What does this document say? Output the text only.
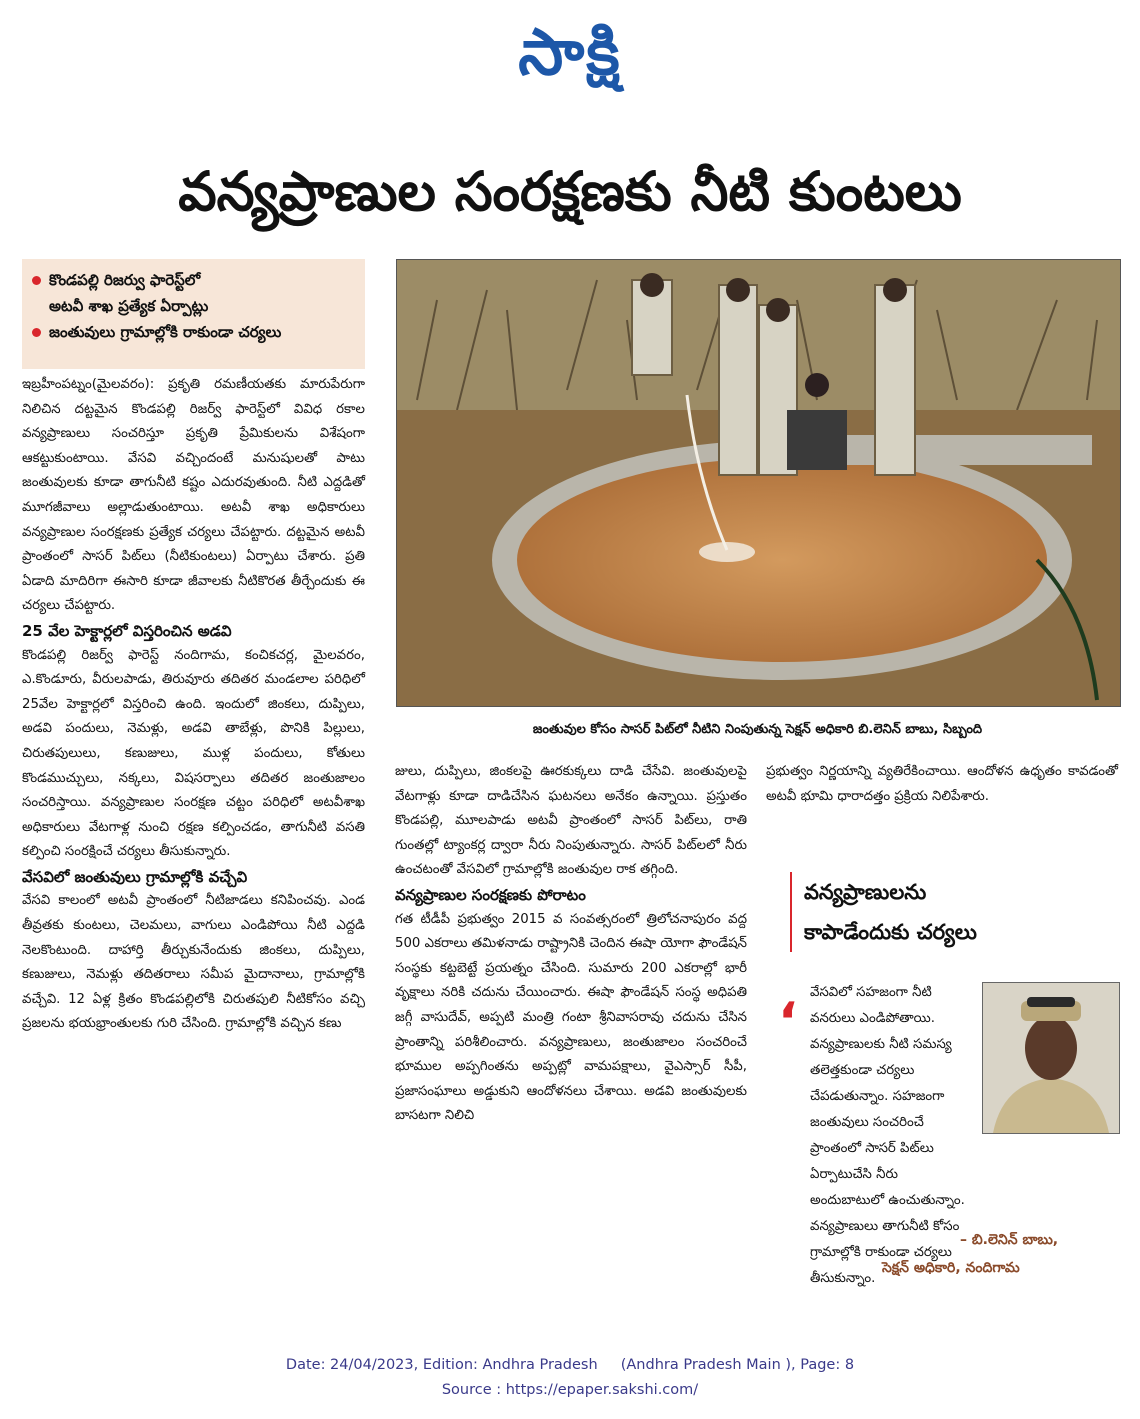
సాక్షి
వన్యప్రాణుల సంరక్షణకు నీటి కుంటలు
కొండపల్లి రిజర్వు ఫారెస్ట్‌లో
అటవీ శాఖ ప్రత్యేక ఏర్పాట్లు
జంతువులు గ్రామాల్లోకి రాకుండా చర్యలు
జంతువుల కోసం సాసర్ పిట్‌లో నీటిని నింపుతున్న సెక్షన్ అధికారి బి.లెనిన్ బాబు, సిబ్బంది

ఇబ్రహీంపట్నం(మైలవరం): ప్రకృతి రమణీయతకు మారుపేరుగా నిలిచిన దట్టమైన కొండపల్లి రిజర్వ్ ఫారెస్ట్‌లో వివిధ రకాల వన్యప్రాణులు సంచరిస్తూ ప్రకృతి ప్రేమికులను విశేషంగా ఆకట్టుకుంటాయి. వేసవి వచ్చిందంటే మనుషులతో పాటు జంతువులకు కూడా తాగునీటి కష్టం ఎదురవుతుంది. నీటి ఎద్దడితో మూగజీవాలు అల్లాడుతుంటాయి. అటవీ శాఖ అధికారులు వన్యప్రాణుల సంరక్షణకు ప్రత్యేక చర్యలు చేపట్టారు. దట్టమైన అటవీ ప్రాంతంలో సాసర్ పిట్‌లు (నీటికుంటలు) ఏర్పాటు చేశారు. ప్రతి ఏడాది మాదిరిగా ఈసారి కూడా జీవాలకు నీటికొరత తీర్చేందుకు ఈ చర్యలు చేపట్టారు.

25 వేల హెక్టార్లలో విస్తరించిన అడవి

కొండపల్లి రిజర్వ్ ఫారెస్ట్ నందిగామ, కంచికచర్ల, మైలవరం, ఎ.కొండూరు, వీరులపాడు, తిరువూరు తదితర మండలాల పరిధిలో 25వేల హెక్టార్లలో విస్తరించి ఉంది. ఇందులో జింకలు, దుప్పిలు, అడవి పందులు, నెమళ్లు, అడవి తాబేళ్లు, పొనికి పిల్లులు, చిరుతపులులు, కణుజులు, ముళ్ల పందులు, కోతులు కొండముచ్చులు, నక్కలు, విషసర్పాలు తదితర జంతుజాలం సంచరిస్తాయి. వన్యప్రాణుల సంరక్షణ చట్టం పరిధిలో అటవీశాఖ అధికారులు వేటగాళ్ల నుంచి రక్షణ కల్పించడం, తాగునీటి వసతి కల్పించి సంరక్షించే చర్యలు తీసుకున్నారు.

వేసవిలో జంతువులు గ్రామాల్లోకి వచ్చేవి

వేసవి కాలంలో అటవీ ప్రాంతంలో నీటిజాడలు కనిపించవు. ఎండ తీవ్రతకు కుంటలు, చెలమలు, వాగులు ఎండిపోయి నీటి ఎద్దడి నెలకొంటుంది. దాహార్తి తీర్చుకునేందుకు జింకలు, దుప్పిలు, కణుజులు, నెమళ్లు తదితరాలు సమీప మైదానాలు, గ్రామాల్లోకి వచ్చేవి. 12 ఏళ్ల క్రితం కొండపల్లిలోకి చిరుతపులి నీటికోసం వచ్చి ప్రజలను భయభ్రాంతులకు గురి చేసింది. గ్రామాల్లోకి వచ్చిన కణు

జులు, దుప్పిలు, జింకలపై ఊరకుక్కలు దాడి చేసేవి. జంతువులపై వేటగాళ్లు కూడా దాడిచేసిన ఘటనలు అనేకం ఉన్నాయి. ప్రస్తుతం కొండపల్లి, మూలపాడు అటవీ ప్రాంతంలో సాసర్ పిట్‌లు, రాతి గుంతల్లో ట్యాంకర్ల ద్వారా నీరు నింపుతున్నారు. సాసర్ పిట్‌లలో నీరు ఉంచటంతో వేసవిలో గ్రామాల్లోకి జంతువుల రాక తగ్గింది.

వన్యప్రాణుల సంరక్షణకు పోరాటం

గత టీడీపీ ప్రభుత్వం 2015 వ సంవత్సరంలో త్రిలోచనాపురం వద్ద 500 ఎకరాలు తమిళనాడు రాష్ట్రానికి చెందిన ఈషా యోగా ఫౌండేషన్ సంస్థకు కట్టబెట్టే ప్రయత్నం చేసింది. సుమారు 200 ఎకరాల్లో భారీ వృక్షాలు నరికి చదును చేయించారు. ఈషా ఫౌండేషన్ సంస్థ అధిపతి జగ్గీ వాసుదేవ్, అప్పటి మంత్రి గంటా శ్రీనివాసరావు చదును చేసిన ప్రాంతాన్ని పరిశీలించారు. వన్యప్రాణులు, జంతుజాలం సంచరించే భూముల అప్పగింతను అప్పట్లో వామపక్షాలు, వైఎస్సార్ సీపీ, ప్రజాసంఘాలు అడ్డుకుని ఆందోళనలు చేశాయి. అడవి జంతువులకు బాసటగా నిలిచి

ప్రభుత్వం నిర్ణయాన్ని వ్యతిరేకించాయి. ఆందోళన ఉధృతం కావడంతో అటవీ భూమి ధారాదత్తం ప్రక్రియ నిలిపేశారు.

వన్యప్రాణులను
కాపాడేందుకు చర్యలు
‘ వేసవిలో సహజంగా నీటి వనరులు ఎండిపోతాయి. వన్యప్రాణులకు నీటి సమస్య తలెత్తకుండా చర్యలు చేపడుతున్నాం. సహజంగా జంతువులు సంచరించే ప్రాంతంలో సాసర్ పిట్‌లు ఏర్పాటుచేసి నీరు అందుబాటులో ఉంచుతున్నాం. వన్యప్రాణులు తాగునీటి కోసం గ్రామాల్లోకి రాకుండా చర్యలు తీసుకున్నాం.
– బి.లెనిన్ బాబు,
సెక్షన్ అధికారి, నందిగామ
Date: 24/04/2023, Edition: Andhra Pradesh     (Andhra Pradesh Main ), Page: 8
Source : https://epaper.sakshi.com/
